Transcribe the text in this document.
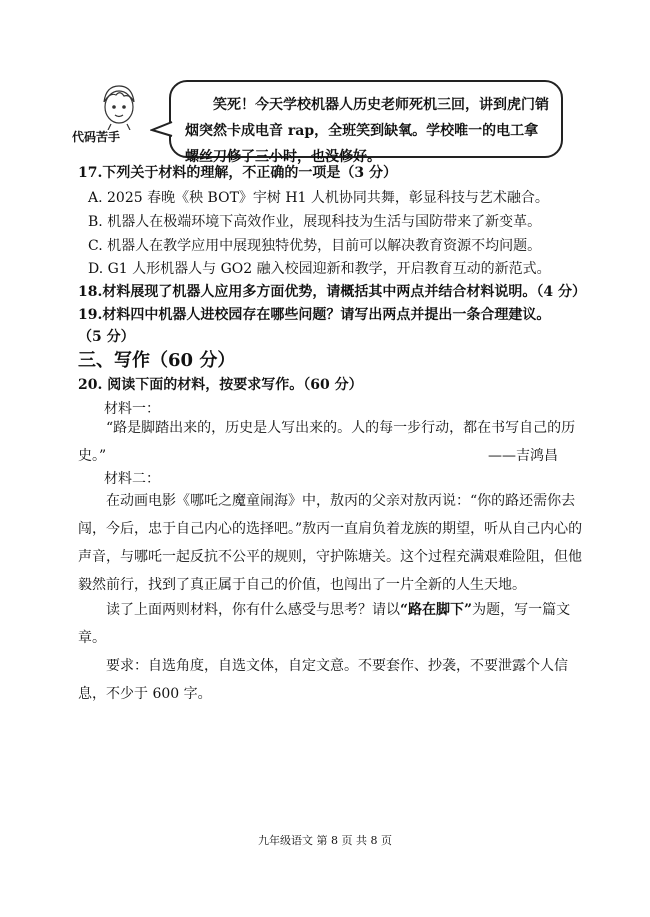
代码苦手

笑死！今天学校机器人历史老师死机三回，讲到虎门销烟突然卡成电音 rap，全班笑到缺氧。学校唯一的电工拿螺丝刀修了三小时，也没修好。

17.下列关于材料的理解，不正确的一项是（3 分）
A. 2025 春晚《秧 BOT》宇树 H1 人机协同共舞，彰显科技与艺术融合。
B. 机器人在极端环境下高效作业，展现科技为生活与国防带来了新变革。
C. 机器人在教学应用中展现独特优势，目前可以解决教育资源不均问题。
D. G1 人形机器人与 GO2 融入校园迎新和教学，开启教育互动的新范式。
18.材料展现了机器人应用多方面优势，请概括其中两点并结合材料说明。（4 分）
19.材料四中机器人进校园存在哪些问题？请写出两点并提出一条合理建议。
（5 分）
三、写作（60 分）
20. 阅读下面的材料，按要求写作。（60 分）
材料一：

“路是脚踏出来的，历史是人写出来的。人的每一步行动，都在书写自己的历史。”	——吉鸿昌
材料二：

在动画电影《哪吒之魔童闹海》中，敖丙的父亲对敖丙说：“你的路还需你去闯，今后，忠于自己内心的选择吧。”敖丙一直肩负着龙族的期望，听从自己内心的声音，与哪吒一起反抗不公平的规则，守护陈塘关。这个过程充满艰难险阻，但他毅然前行，找到了真正属于自己的价值，也闯出了一片全新的人生天地。

读了上面两则材料，你有什么感受与思考？请以“路在脚下”为题，写一篇文章。

要求：自选角度，自选文体，自定文意。不要套作、抄袭，不要泄露个人信息，不少于 600 字。

九年级语文 第 8 页 共 8 页
